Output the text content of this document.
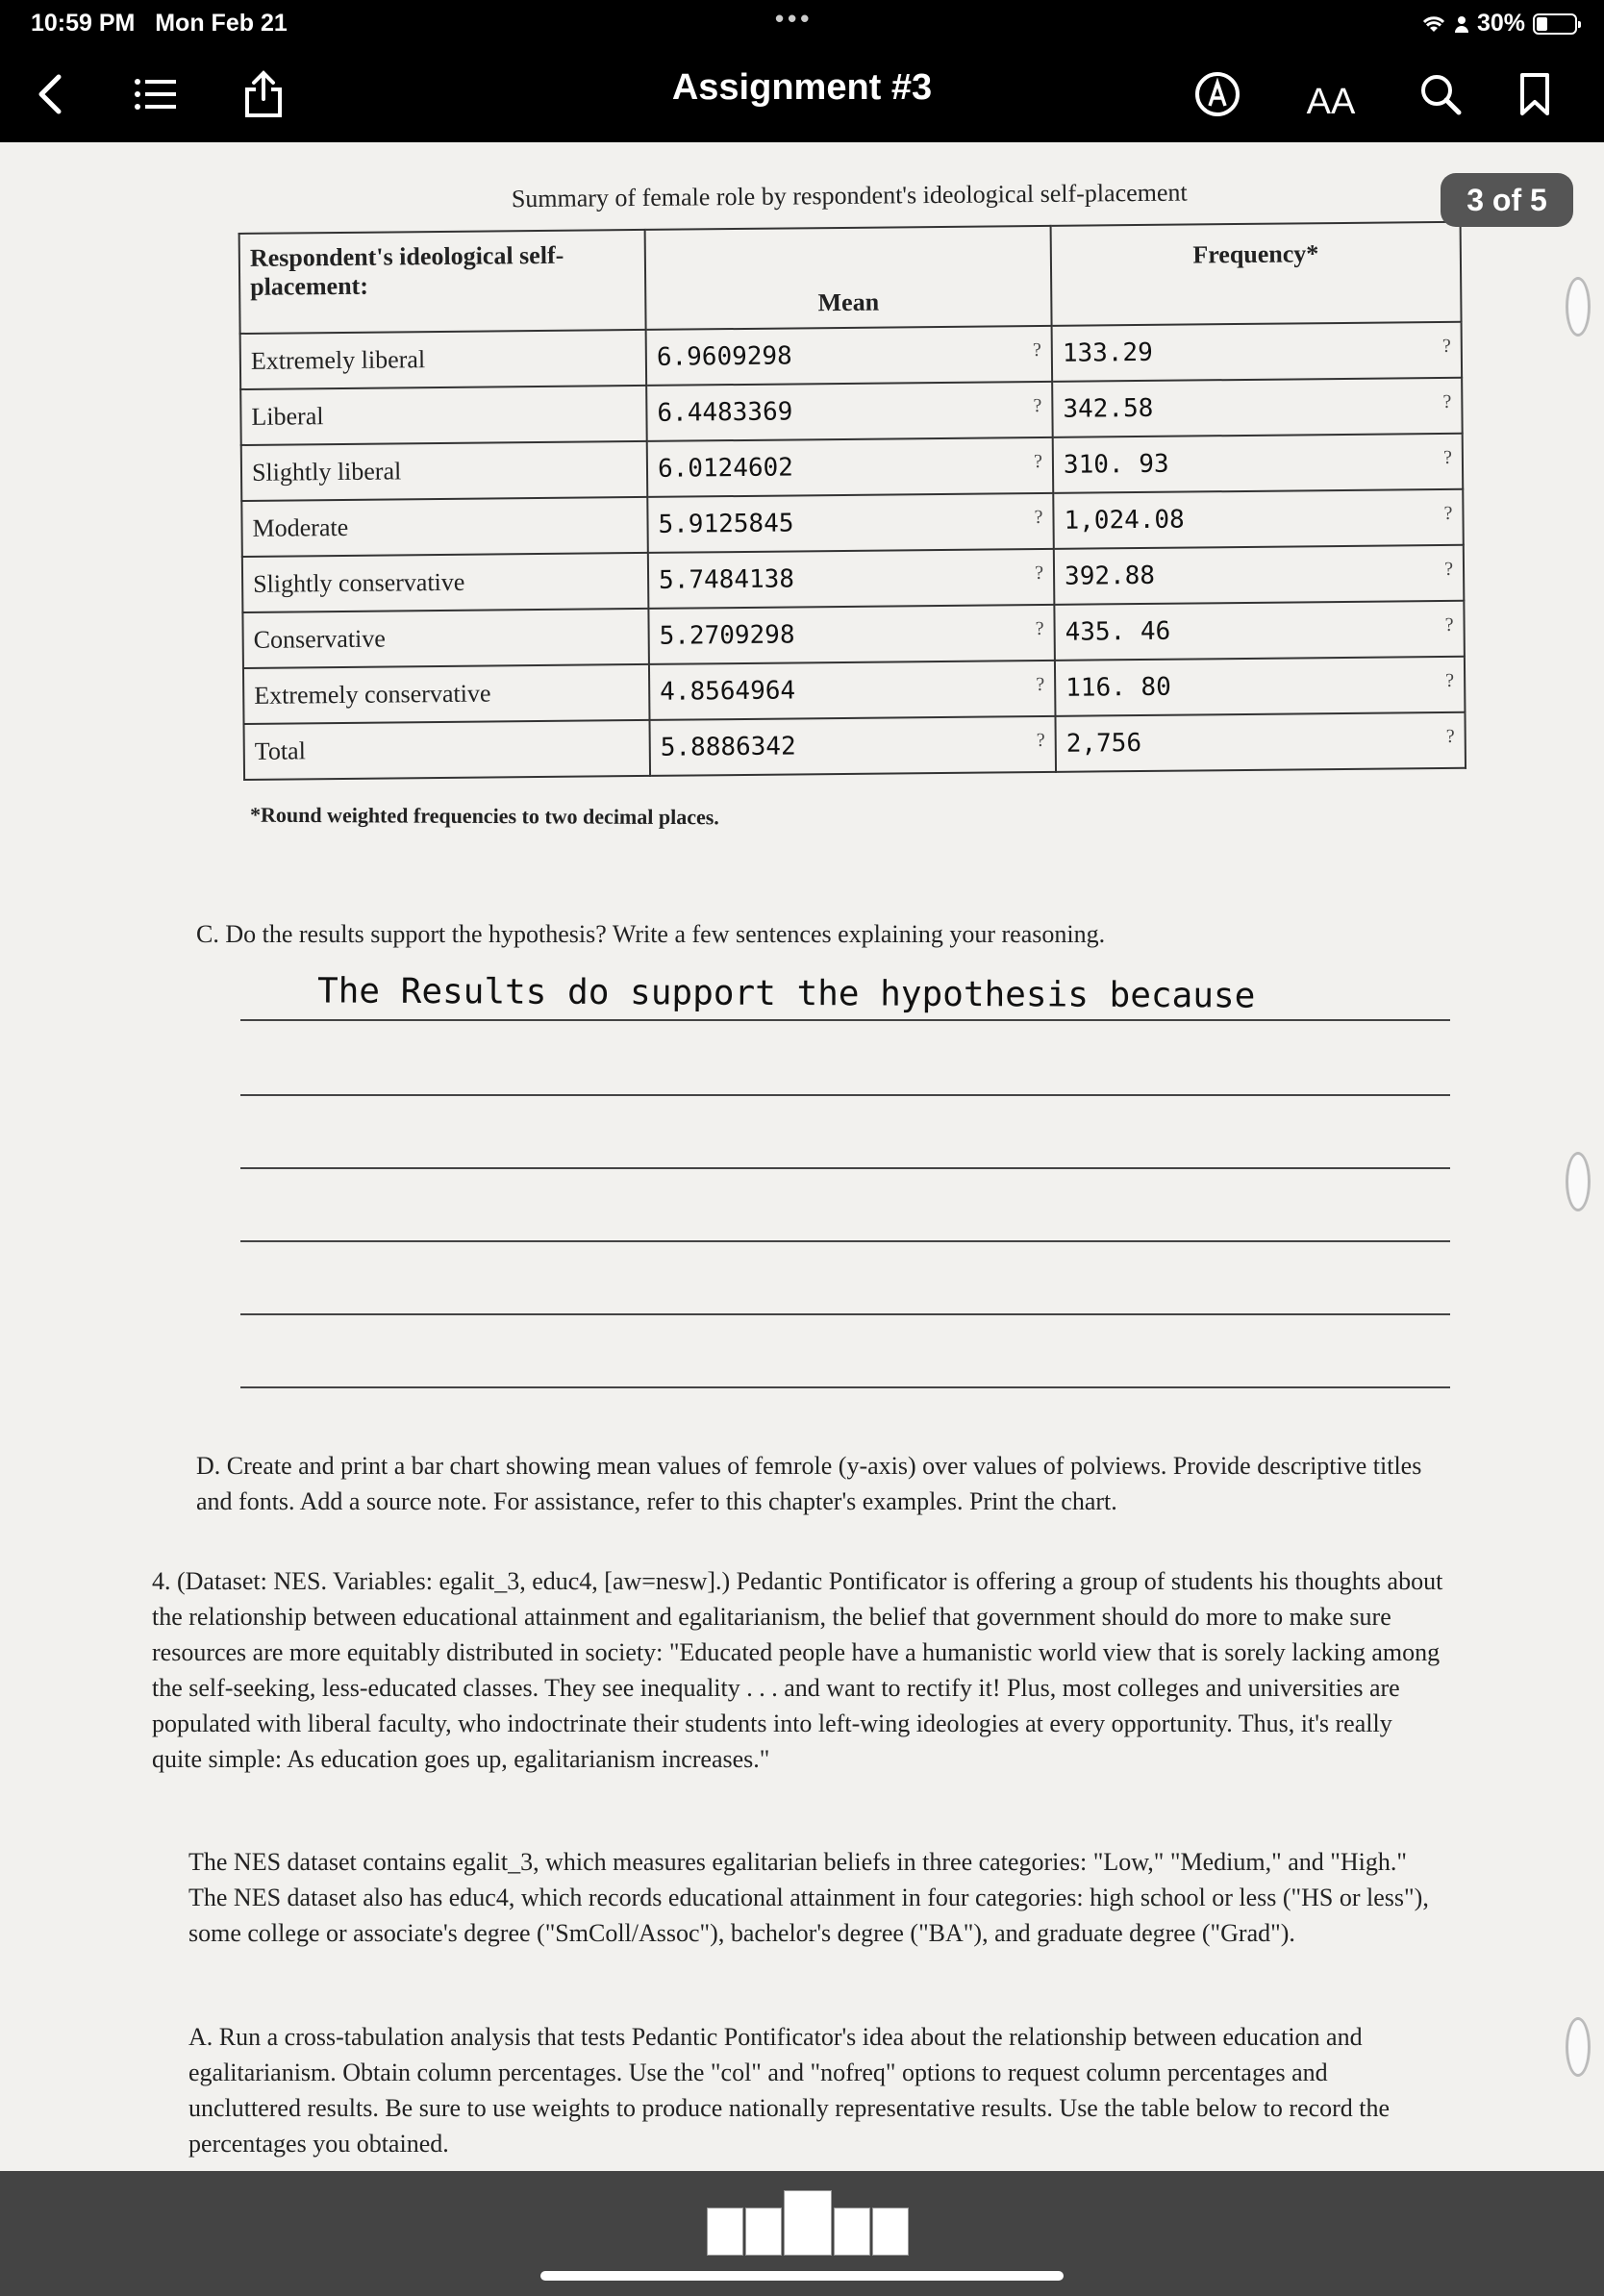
10:59 PM Mon Feb 21	•••	30%
Assignment #3	AA
Summary of female role by respondent's ideological self-placement		
Respondent's ideological self-placement:	Mean	Frequency*
Extremely liberal	6.9609298 ?	133.29 ?

Liberal	6.4483369 ?	342.58 ?

Slightly liberal	6.0124602 ?	310. 93 ?

Moderate	5.9125845 ?	1,024.08 ?

Slightly conservative	5.7484138 ?	392.88 ?

Conservative	5.2709298 ?	435. 46 ?

Extremely conservative	4.8564964 ?	116. 80 ?

Total	5.8886342 ?	2,756 ?
*Round weighted frequencies to two decimal places.
C. Do the results support the hypothesis? Write a few sentences explaining your reasoning.
The Results do support the hypothesis because
D. Create and print a bar chart showing mean values of femrole (y-axis) over values of polviews. Provide descriptive titles and fonts. Add a source note. For assistance, refer to this chapter's examples. Print the chart.
4. (Dataset: NES. Variables: egalit_3, educ4, [aw=nesw].) Pedantic Pontificator is offering a group of students his thoughts about the relationship between educational attainment and egalitarianism, the belief that government should do more to make sure resources are more equitably distributed in society: "Educated people have a humanistic world view that is sorely lacking among the self-seeking, less-educated classes. They see inequality . . . and want to rectify it! Plus, most colleges and universities are populated with liberal faculty, who indoctrinate their students into left-wing ideologies at every opportunity. Thus, it's really quite simple: As education goes up, egalitarianism increases."
The NES dataset contains egalit_3, which measures egalitarian beliefs in three categories: "Low," "Medium," and "High." The NES dataset also has educ4, which records educational attainment in four categories: high school or less ("HS or less"), some college or associate's degree ("SmColl/Assoc"), bachelor's degree ("BA"), and graduate degree ("Grad").
A. Run a cross-tabulation analysis that tests Pedantic Pontificator's idea about the relationship between education and egalitarianism. Obtain column percentages. Use the "col" and "nofreq" options to request column percentages and uncluttered results. Be sure to use weights to produce nationally representative results. Use the table below to record the percentages you obtained.
3 of 5
